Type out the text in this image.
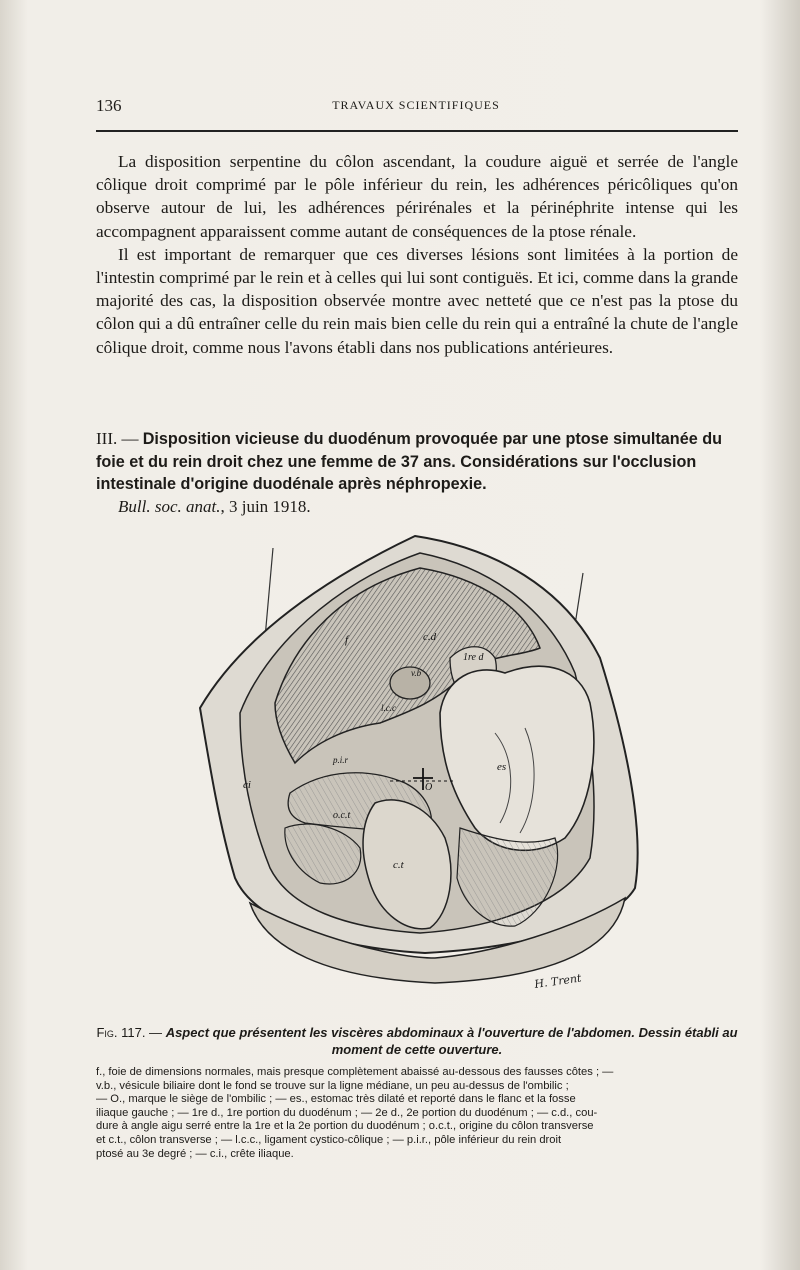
136	TRAVAUX SCIENTIFIQUES

La disposition serpentine du côlon ascendant, la coudure aiguë et serrée de l'angle côlique droit comprimé par le pôle inférieur du rein, les adhérences péricôliques qu'on observe autour de lui, les adhérences périrénales et la périnéphrite intense qui les accompagnent apparaissent comme autant de conséquences de la ptose rénale.

Il est important de remarquer que ces diverses lésions sont limitées à la portion de l'intestin comprimé par le rein et à celles qui lui sont contiguës. Et ici, comme dans la grande majorité des cas, la disposition observée montre avec netteté que ce n'est pas la ptose du côlon qui a dû entraîner celle du rein mais bien celle du rein qui a entraîné la chute de l'angle côlique droit, comme nous l'avons établi dans nos publications antérieures.

III. — Disposition vicieuse du duodénum provoquée par une ptose simultanée du foie et du rein droit chez une femme de 37 ans. Considérations sur l'occlusion intestinale d'origine duodénale après néphropexie.
Bull. soc. anat., 3 juin 1918.
f	c.d
v.b
1re d
l.c.c
p.i.r
ci
o.c.t
O
es
c.t
H. Trent
Fig. 117. — Aspect que présentent les viscères abdominaux à l'ouverture de l'abdomen. Dessin établi au moment de cette ouverture.
f., foie de dimensions normales, mais presque complètement abaissé au-dessous des fausses côtes ; —
v.b., vésicule biliaire dont le fond se trouve sur la ligne médiane, un peu au-dessus de l'ombilic ;
— O., marque le siège de l'ombilic ; — es., estomac très dilaté et reporté dans le flanc et la fosse
iliaque gauche ; — 1re d., 1re portion du duodénum ; — 2e d., 2e portion du duodénum ; — c.d., cou-
dure à angle aigu serré entre la 1re et la 2e portion du duodénum ; o.c.t., origine du côlon transverse
et c.t., côlon transverse ; — l.c.c., ligament cystico-côlique ; — p.i.r., pôle inférieur du rein droit
ptosé au 3e degré ; — c.i., crête iliaque.
